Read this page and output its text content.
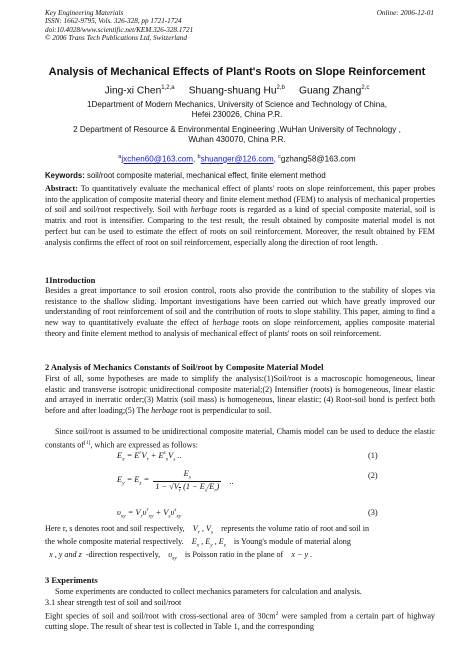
Key Engineering Materials
ISSN: 1662-9795, Vols. 326-328, pp 1721-1724
doi:10.4028/www.scientific.net/KEM.326-328.1721
© 2006 Trans Tech Publications Ltd, Switzerland
Online: 2006-12-01
Analysis of Mechanical Effects of Plant's Roots on Slope Reinforcement
Jing-xi Chen$^{1,2,a}$ Shuang-shuang Hu$^{2,b}$ Guang Zhang$^{2,c}$
1Department of Modern Mechanics, University of Science and Technology of China,
Hefei 230026, China P.R.
2 Department of Resource & Environmental Engineering ,WuHan University of Technology ,
Wuhan 430070, China P.R.
$^a$jxchen60@163.com, $^b$shuanger@126.com, $^c$gzhang58@163.com
Keywords: soil/root composite material, mechanical effect, finite element method
Abstract: To quantitatively evaluate the mechanical effect of plants' roots on slope reinforcement, this paper probes into the application of composite material theory and finite element method (FEM) to analysis of mechanical properties of soil and soil/root respectively. Soil with herbage roots is regarded as a kind of special composite material, soil is matrix and root is intensifier. Comparing to the test result, the result obtained by composite material model is not perfect but can be used to estimate the effect of roots on soil reinforcement. Moreover, the result obtained by FEM analysis confirms the effect of root on soil reinforcement, especially along the direction of root length.
1Introduction
Besides a great importance to soil erosion control, roots also provide the contribution to the stability of slopes via resistance to the shallow sliding. Important investigations have been carried out which have greatly improved our understanding of root reinforcement of soil and the contribution of roots to slope stability. This paper, aiming to find a new way to quantitatively evaluate the effect of herbage roots on slope reinforcement, applies composite material theory and finite element method to analysis of mechanical effect of plants' roots on soil reinforcement.
2 Analysis of Mechanics Constants of Soil/root by Composite Material Model
First of all, some hypotheses are made to simplify the analysis:(1)Soil/root is a macroscopic homogeneous, linear elastic and transverse isotropic unidirectional composite material;(2) Intensifier (roots) is homogeneous, linear elastic and arrayed in inerratic order;(3) Matrix (soil mass) is homogeneous, linear elastic; (4) Root-soil bond is perfect both before and after loading;(5) The herbage root is perpendicular to soil.
Since soil/root is assumed to be unidirectional composite material, Chamis model can be used to deduce the elastic constants of[1], which are expressed as follows:
$E_x = E^rV_r + E^s_xV_s$ ..	(1)
$E_y = E_z = \frac{E_s}{1 - √V_r (1 - E_s/E_r)}$ ..
(2)
$\upsilon_{xy} = V_r\upsilon^r_{xy} + V_s\upsilon^s_{xy}$	(3)
Here r, s denotes root and soil respectively, $V_r$ , $V_s$ represents the volume ratio of root and soil in
the whole composite material respectively. $E_x$ , $E_y$ , $E_z$ is Young's module of material along
x , y and z -direction respectively, $\upsilon_{xy}$ is Poisson ratio in the plane of x − y .
3 Experiments
Some experiments are conducted to collect mechanics parameters for calculation and analysis.
3.1 shear strength test of soil and soil/root
Eight species of soil and soil/root with cross-sectional area of $30cm^2$ were sampled from a certain part of highway cutting slope. The result of shear test is collected in Table 1, and the corresponding
